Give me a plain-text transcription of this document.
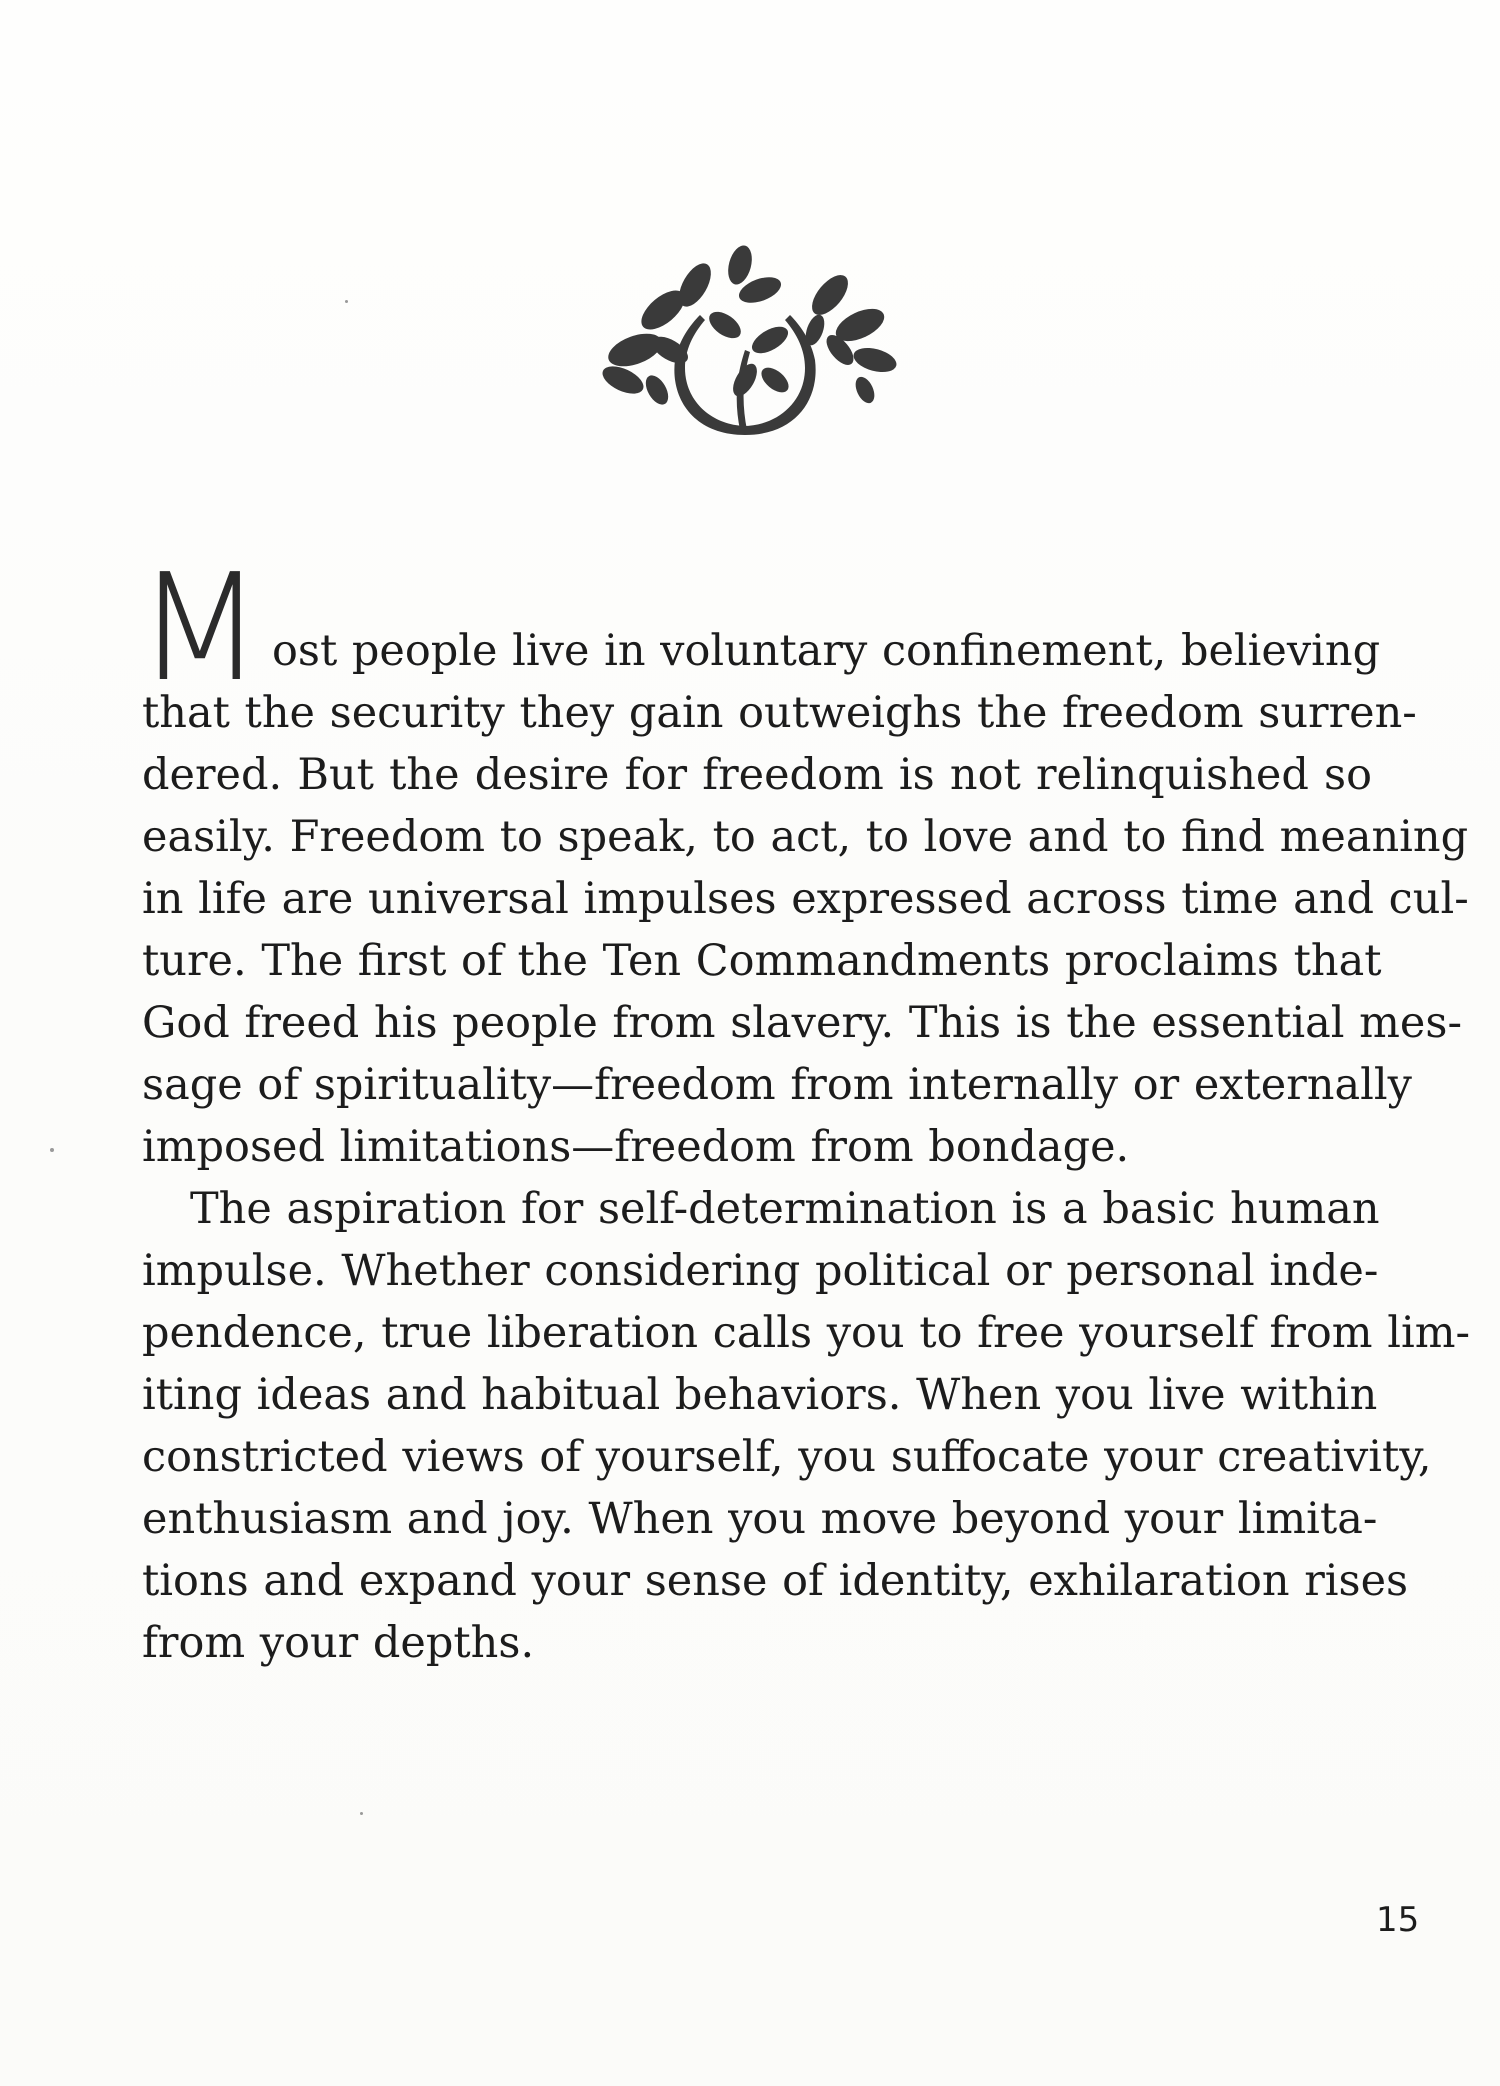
M ost people live in voluntary confinement, believing
that the security they gain outweighs the freedom surren-
dered. But the desire for freedom is not relinquished so
easily. Freedom to speak, to act, to love and to find meaning
in life are universal impulses expressed across time and cul-
ture. The first of the Ten Commandments proclaims that
God freed his people from slavery. This is the essential mes-
sage of spirituality—freedom from internally or externally
imposed limitations—freedom from bondage.
The aspiration for self-determination is a basic human
impulse. Whether considering political or personal inde-
pendence, true liberation calls you to free yourself from lim-
iting ideas and habitual behaviors. When you live within
constricted views of yourself, you suffocate your creativity,
enthusiasm and joy. When you move beyond your limita-
tions and expand your sense of identity, exhilaration rises
from your depths.
15
